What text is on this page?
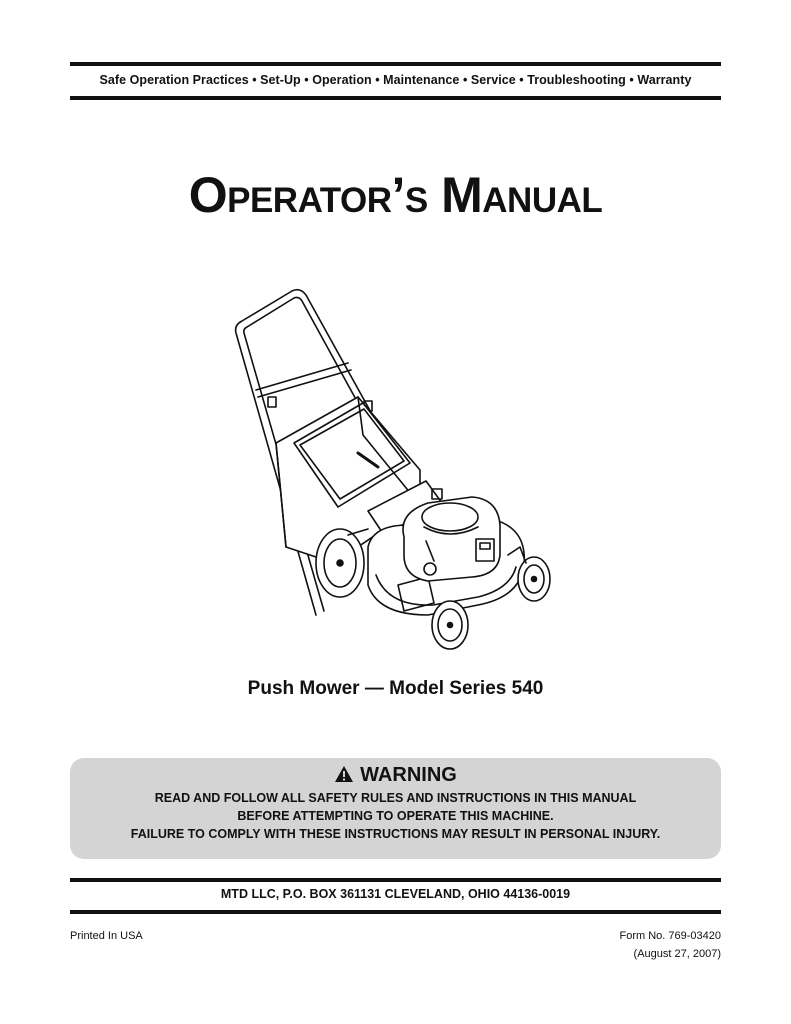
Safe Operation Practices • Set-Up • Operation • Maintenance • Service • Troubleshooting • Warranty
Operator’s Manual
Push Mower — Model Series 540
WARNING
READ AND FOLLOW ALL SAFETY RULES AND INSTRUCTIONS IN THIS MANUAL
BEFORE ATTEMPTING TO OPERATE THIS MACHINE.
FAILURE TO COMPLY WITH THESE INSTRUCTIONS MAY RESULT IN PERSONAL INJURY.
MTD LLC, P.O. BOX 361131 CLEVELAND, OHIO 44136-0019
Printed In USA	Form No. 769-03420
(August 27, 2007)
